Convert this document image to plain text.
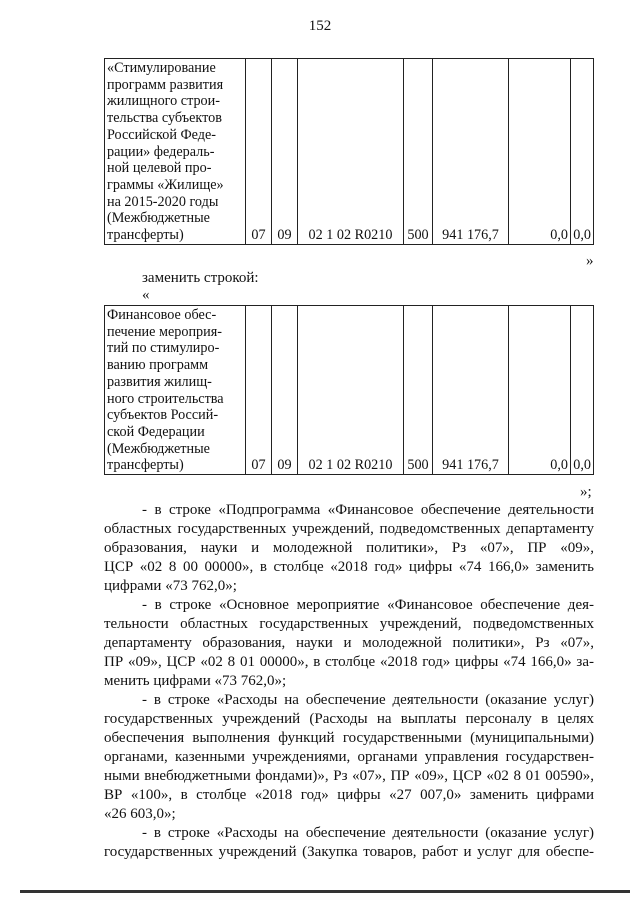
152
«Стимулирование
программ развития
жилищного строи-
тельства субъектов
Российской Феде-
рации» федераль-
ной целевой про-
граммы «Жилище»
на 2015-2020 годы
(Межбюджетные
трансферты)	07	09	02 1 02 R0210	500	941 176,7	0,0	0,0
»
заменить строкой:
«
Финансовое обес-
печение мероприя-
тий по стимулиро-
ванию программ
развития жилищ-
ного строительства
субъектов Россий-
ской Федерации
(Межбюджетные
трансферты)	07	09	02 1 02 R0210	500	941 176,7	0,0	0,0
»;
- в строке «Подпрограмма «Финансовое обеспечение деятельности
областных государственных учреждений, подведомственных департаменту
образования, науки и молодежной политики», Рз «07», ПР «09»,
ЦСР «02 8 00 00000», в столбце «2018 год» цифры «74 166,0» заменить
цифрами «73 762,0»;
- в строке «Основное мероприятие «Финансовое обеспечение дея-
тельности областных государственных учреждений, подведомственных
департаменту образования, науки и молодежной политики», Рз «07»,
ПР «09», ЦСР «02 8 01 00000», в столбце «2018 год» цифры «74 166,0» за-
менить цифрами «73 762,0»;
- в строке «Расходы на обеспечение деятельности (оказание услуг)
государственных учреждений (Расходы на выплаты персоналу в целях
обеспечения выполнения функций государственными (муниципальными)
органами, казенными учреждениями, органами управления государствен-
ными внебюджетными фондами)», Рз «07», ПР «09», ЦСР «02 8 01 00590»,
ВР «100», в столбце «2018 год» цифры «27 007,0» заменить цифрами
«26 603,0»;
- в строке «Расходы на обеспечение деятельности (оказание услуг)
государственных учреждений (Закупка товаров, работ и услуг для обеспе-
